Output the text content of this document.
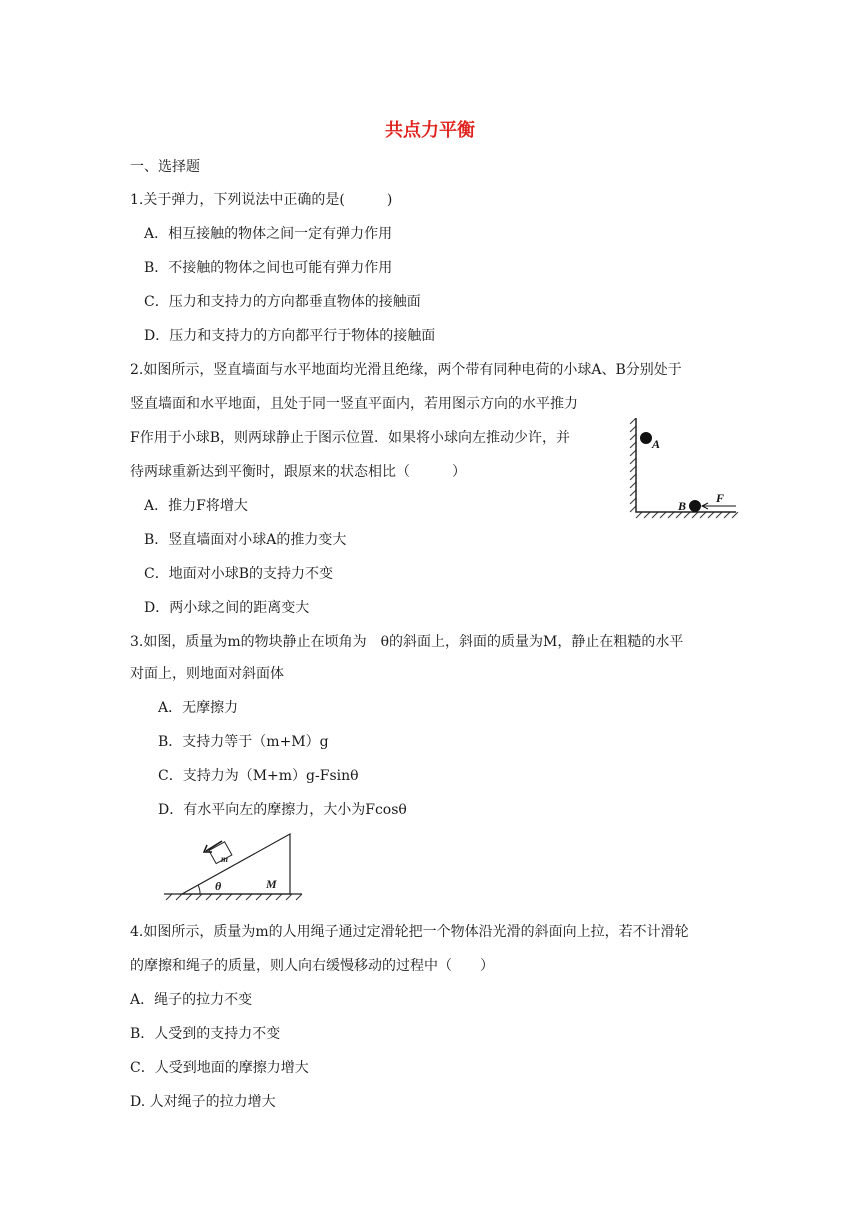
共点力平衡
一、选择题
1.关于弹力，下列说法中正确的是(　　　)
A．相互接触的物体之间一定有弹力作用
B．不接触的物体之间也可能有弹力作用
C．压力和支持力的方向都垂直物体的接触面
D．压力和支持力的方向都平行于物体的接触面
2.如图所示，竖直墙面与水平地面均光滑且绝缘，两个带有同种电荷的小球A、B分别处于
竖直墙面和水平地面，且处于同一竖直平面内，若用图示方向的水平推力
F作用于小球B，则两球静止于图示位置．如果将小球向左推动少许，并
待两球重新达到平衡时，跟原来的状态相比（　　　）
A．推力F将增大
B．竖直墙面对小球A的推力变大
C．地面对小球B的支持力不变
D．两小球之间的距离变大
A
B
F
3.如图，质量为m的物块静止在顷角为　θ的斜面上，斜面的质量为M，静止在粗糙的水平
对面上，则地面对斜面体
A．无摩擦力
B．支持力等于（m+M）g
C．支持力为（M+m）g-Fsinθ
D．有水平向左的摩擦力，大小为Fcosθ
m
θ	M
4.如图所示，质量为m的人用绳子通过定滑轮把一个物体沿光滑的斜面向上拉，若不计滑轮
的摩擦和绳子的质量，则人向右缓慢移动的过程中（　　）
A．绳子的拉力不变
B．人受到的支持力不变
C．人受到地面的摩擦力增大
D. 人对绳子的拉力增大
